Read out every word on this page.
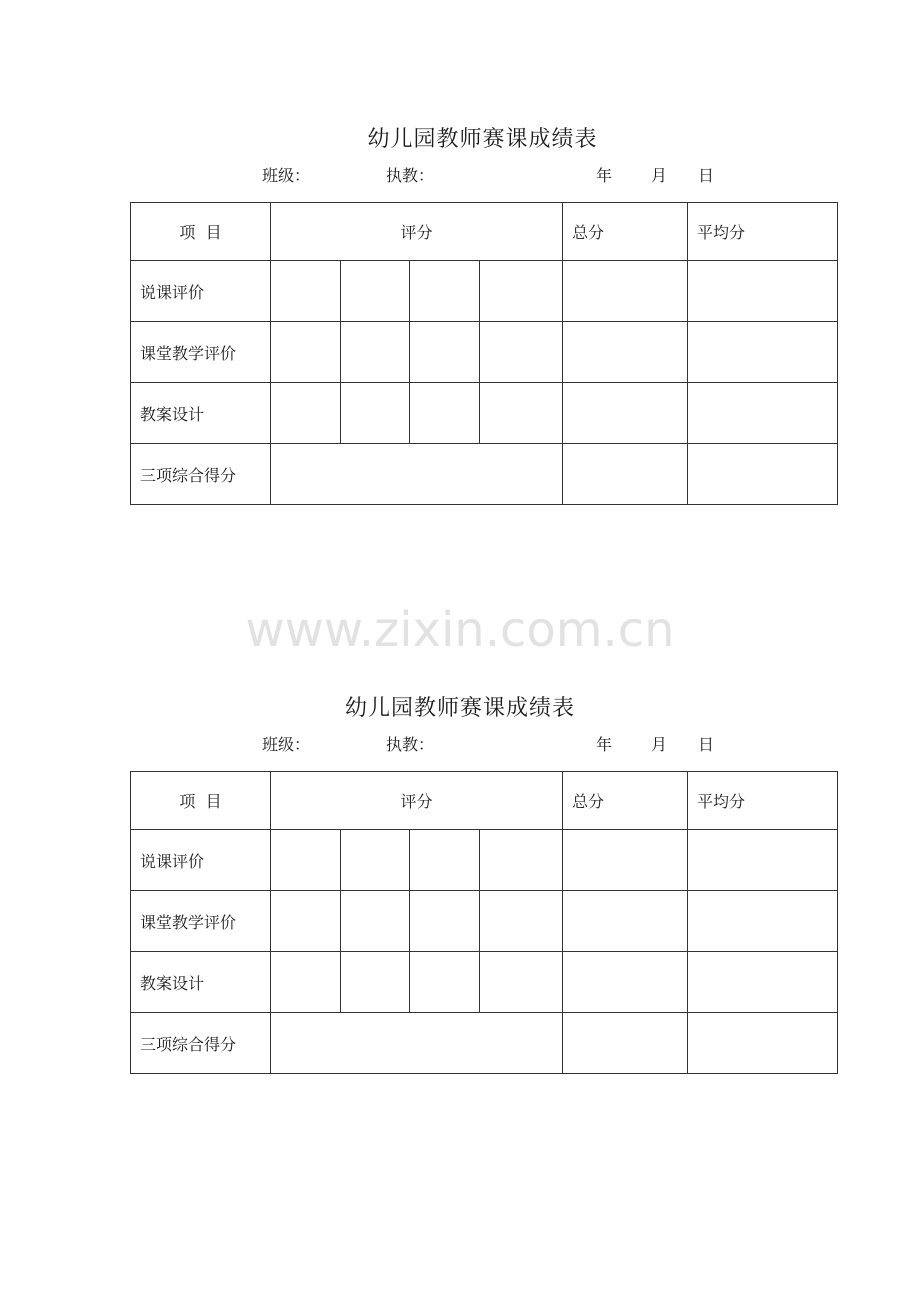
幼儿园教师赛课成绩表
班级：	执教：	年 月 日
项  目	评分				总分	平均分
说课评价						
课堂教学评价						
教案设计						
三项综合得分						
www.zixin.com.cn
幼儿园教师赛课成绩表
班级：	执教：	年 月 日
项  目	评分				总分	平均分
说课评价						
课堂教学评价						
教案设计						
三项综合得分						
